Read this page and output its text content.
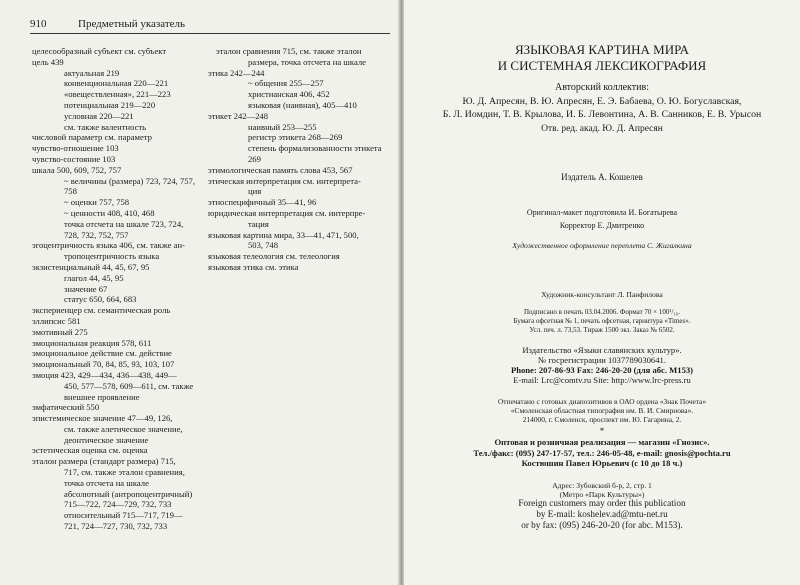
910	Предметный указатель
целесообразный субъект см. субъект
цель 439
актуальная 219
конвенциональная 220—221
«овеществленная», 221—223
потенциальная 219—220
условная 220—221
см. также валентность
числовой параметр см. параметр
чувство-отношение 103
чувство-состояние 103
шкала 500, 609, 752, 757
~ величины (размера) 723, 724, 757,
758
~ оценки 757, 758
~ ценности 408, 410, 468
точка отсчета на шкале 723, 724,
728, 732, 752, 757
эгоцентричность языка 406, см. также ан-
тропоцентричность языка
экзистенциальный 44, 45, 67, 95
глагол 44, 45, 95
значение 67
статус 650, 664, 683
экспериенцер см. семантическая роль
эллипсис 581
эмотивный 275
эмоциональная реакция 578, 611
эмоциональное действие см. действие
эмоциональный 70, 84, 85, 93, 103, 107
эмоция 423, 429—434, 436—438, 449—
450, 577—578, 609—611, см. также
внешнее проявление
эмфатический 550
эпистемическое значение 47—49, 126,
см. также алетическое значение,
деонтическое значение
эстетическая оценка см. оценка
эталон размера (стандарт размера) 715,
717, см. также эталон сравнения,
точка отсчета на шкале
абсолютный (антропоцентричный)
715—722, 724—729, 732, 733
относительный 715—717, 719—
721, 724—727, 730, 732, 733
эталон сравнения 715, см. также эталон
размера, точка отсчета на шкале
этика 242—244
~ общения 255—257
христианская 406, 452
языковая (наивная), 405—410
этикет 242—248
наивный 253—255
регистр этикета 268—269
степень формализованности этикета
269
этимологическая память слова 453, 567
этическая интерпретация см. интерпрета-
ция
этноспецифичный 35—41, 96
юридическая интерпретация см. интерпре-
тация
языковая картина мира, 33—41, 471, 500,
503, 748
языковая телеология см. телеология
языковая этика см. этика
ЯЗЫКОВАЯ КАРТИНА МИРА
И СИСТЕМНАЯ ЛЕКСИКОГРАФИЯ
Авторский коллектив:
Ю. Д. Апресян, В. Ю. Апресян, Е. Э. Бабаева, О. Ю. Богуславская,
Б. Л. Иомдин, Т. В. Крылова, И. Б. Левонтина, А. В. Санников, Е. В. Урысон
Отв. ред. акад. Ю. Д. Апресян
Издатель А. Кошелев
Оригинал-макет подготовила И. Богатырева
Корректор Е. Дмитренко
Художественное оформление переплета С. Жигалкина
Художник-консультант Л. Панфилова
Подписано в печать 03.04.2006. Формат 70 × 100¹/₁₆.
Бумага офсетная № 1, печать офсетная, гарнитура «Times».
Усл. печ. л. 73,53. Тираж 1500 экз. Заказ № 6502.
Издательство «Языки славянских культур».
№ госрегистрации 1037789030641.
Phone: 207-86-93 Fax: 246-20-20 (для абс. M153)
E-mail: Lrc@comtv.ru Site: http://www.lrc-press.ru
Отпечатано с готовых диапозитивов в ОАО ордена «Знак Почета»
«Смоленская областная типография им. В. И. Смирнова».
214000, г. Смоленск, проспект им. Ю. Гагарина, 2.
*
Оптовая и розничная реализация — магазин «Гнозис».
Тел./факс: (095) 247-17-57, тел.: 246-05-48, e-mail: gnosis@pochta.ru
Костюшин Павел Юрьевич (с 10 до 18 ч.)
Адрес: Зубовский б-р, 2, стр. 1
(Метро «Парк Культуры»)
Foreign customers may order this publication
by E-mail: koshelev.ad@mtu-net.ru
or by fax: (095) 246-20-20 (for abc. M153).
